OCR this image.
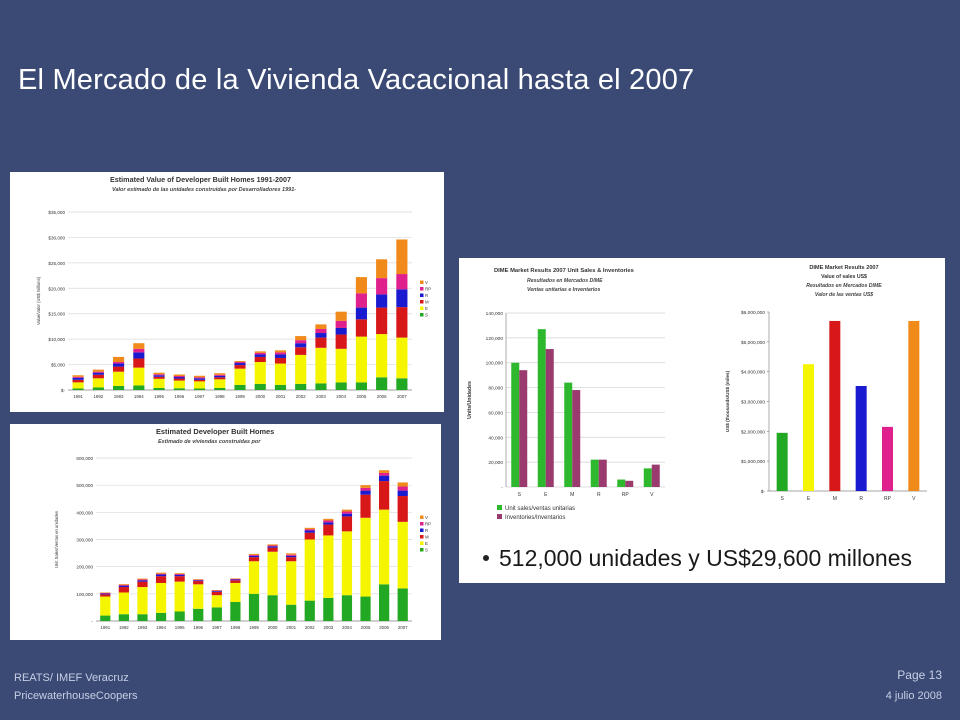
El Mercado de la Vivienda Vacacional hasta el 2007
Estimated Value of Developer Built Homes 1991-2007
Valor estimado de las unidades construidas por Desarrolladores 1991-
$-
$5,000
$10,000
$15,000
$20,000
$25,000
$30,000
$35,000
Value/Valor (US$ millions)
1991 1992 1993 1994 1995 1996 1997 1998 1999 2000 2001 2002 2003 2004 2005 2006 2007
V
RP
R
M
E
S
Estimated Developer Built Homes
Estimado de viviendas construidas por
-
100,000
200,000
300,000
400,000
500,000
600,000
Unit Sales/Ventas en unidades
1991 1992 1993 1994 1995 1996 1997 1998 1999 2000 2001 2002 2003 2004 2005 2006 2007
V
RP
R
M
E
S
DIME Market Results 2007 Unit Sales & Inventories
Resultados en Mercados DIME
Ventas unitarias e Inventarios
-
20,000
40,000
60,000
80,000
100,000
120,000
140,000
Units/Unidades
S	E	M	R	RP	V
Unit sales/ventas unitarias
Inventories/Inventarios
DIME Market Results 2007
Value of sales US$
Resultados en Mercados DIME
Valor de las ventas US$
$-
$1,000,000
$2,000,000
$3,000,000
$4,000,000
$5,000,000
$6,000,000
US$ (thousands/US$ (miles)
S	E	M	R	RP	V
512,000 unidades y US$29,600 millones
REATS/ IMEF Veracruz
PricewaterhouseCoopers
Page 13
4 julio 2008
